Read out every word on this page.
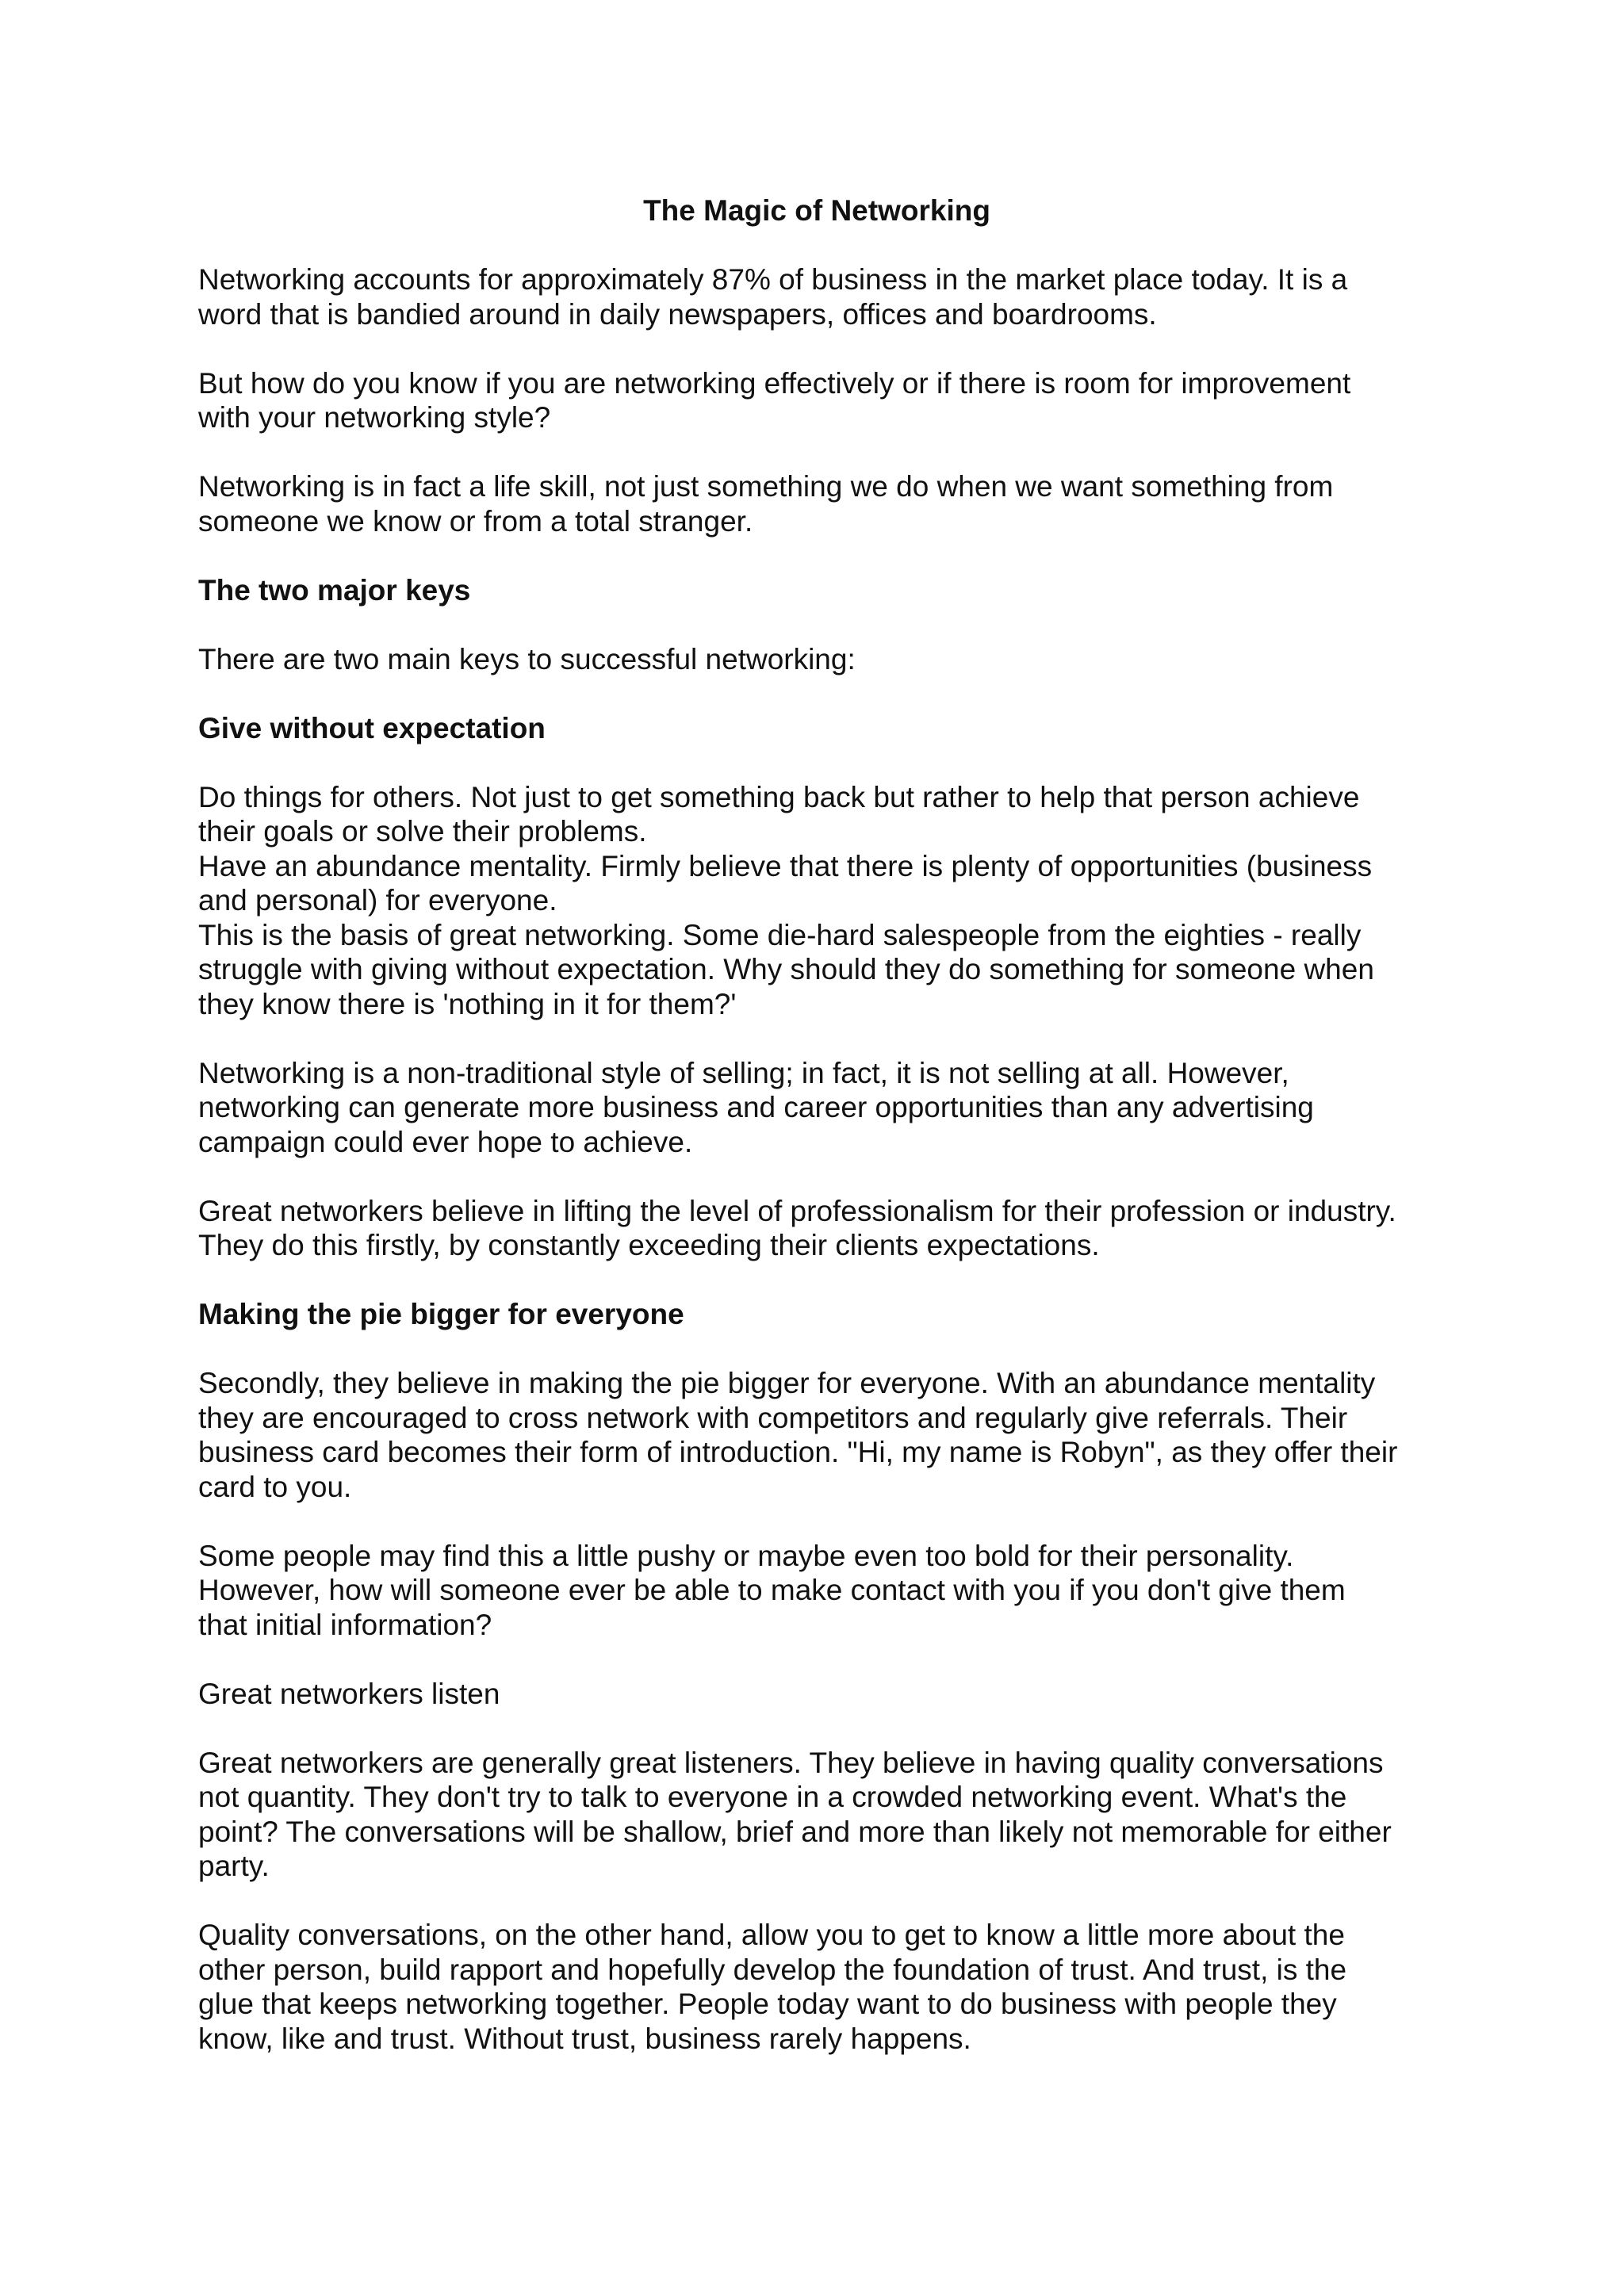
The Magic of Networking
Networking accounts for approximately 87% of business in the market place today. It is a
word that is bandied around in daily newspapers, offices and boardrooms.
But how do you know if you are networking effectively or if there is room for improvement
with your networking style?
Networking is in fact a life skill, not just something we do when we want something from
someone we know or from a total stranger.
The two major keys
There are two main keys to successful networking:
Give without expectation
Do things for others. Not just to get something back but rather to help that person achieve
their goals or solve their problems.
Have an abundance mentality. Firmly believe that there is plenty of opportunities (business
and personal) for everyone.
This is the basis of great networking. Some die-hard salespeople from the eighties - really
struggle with giving without expectation. Why should they do something for someone when
they know there is 'nothing in it for them?'
Networking is a non-traditional style of selling; in fact, it is not selling at all. However,
networking can generate more business and career opportunities than any advertising
campaign could ever hope to achieve.
Great networkers believe in lifting the level of professionalism for their profession or industry.
They do this firstly, by constantly exceeding their clients expectations.
Making the pie bigger for everyone
Secondly, they believe in making the pie bigger for everyone. With an abundance mentality
they are encouraged to cross network with competitors and regularly give referrals. Their
business card becomes their form of introduction. "Hi, my name is Robyn", as they offer their
card to you.
Some people may find this a little pushy or maybe even too bold for their personality.
However, how will someone ever be able to make contact with you if you don't give them
that initial information?
Great networkers listen
Great networkers are generally great listeners. They believe in having quality conversations
not quantity. They don't try to talk to everyone in a crowded networking event. What's the
point? The conversations will be shallow, brief and more than likely not memorable for either
party.
Quality conversations, on the other hand, allow you to get to know a little more about the
other person, build rapport and hopefully develop the foundation of trust. And trust, is the
glue that keeps networking together. People today want to do business with people they
know, like and trust. Without trust, business rarely happens.
